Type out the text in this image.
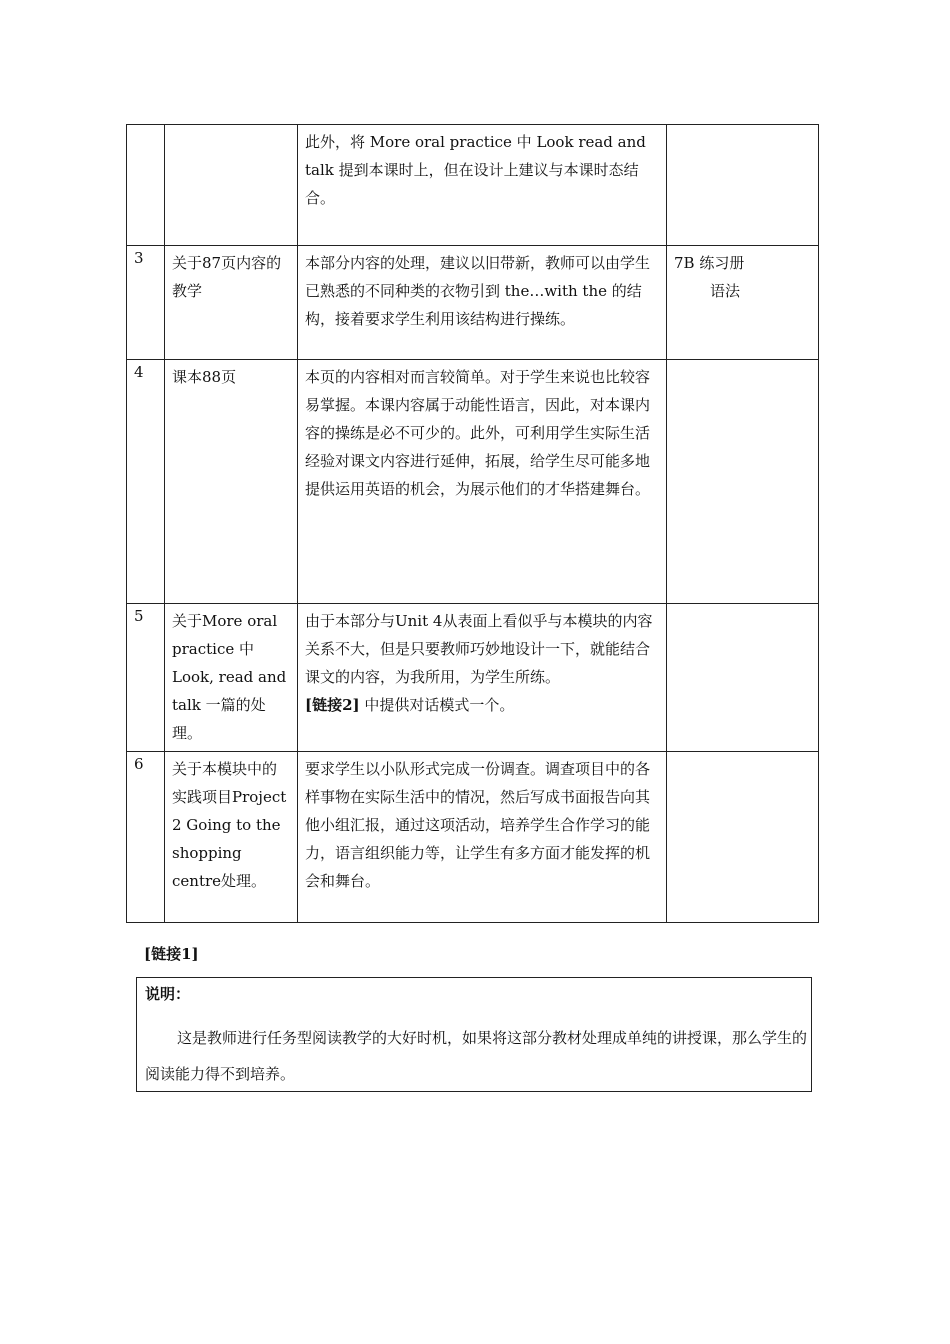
		此外，将 More oral practice 中 Look read and talk 提到本课时上，但在设计上建议与本课时态结合。	

3	关于87页内容的教学	本部分内容的处理，建议以旧带新，教师可以由学生已熟悉的不同种类的衣物引到 the…with the 的结构，接着要求学生利用该结构进行操练。	7B 练习册
语法

4	课本88页	本页的内容相对而言较简单。对于学生来说也比较容易掌握。本课内容属于动能性语言，因此，对本课内容的操练是必不可少的。此外，可利用学生实际生活经验对课文内容进行延伸，拓展，给学生尽可能多地提供运用英语的机会，为展示他们的才华搭建舞台。	

5	关于More oral practice 中Look, read and talk 一篇的处理。	由于本部分与Unit 4从表面上看似乎与本模块的内容关系不大，但是只要教师巧妙地设计一下，就能结合课文的内容，为我所用，为学生所练。
[链接2] 中提供对话模式一个。	

6	关于本模块中的实践项目Project 2 Going to the shopping centre处理。	要求学生以小队形式完成一份调查。调查项目中的各样事物在实际生活中的情况，然后写成书面报告向其他小组汇报，通过这项活动，培养学生合作学习的能力，语言组织能力等，让学生有多方面才能发挥的机会和舞台。	
[链接1]
说明：
这是教师进行任务型阅读教学的大好时机，如果将这部分教材处理成单纯的讲授课，那么学生的阅读能力得不到培养。
